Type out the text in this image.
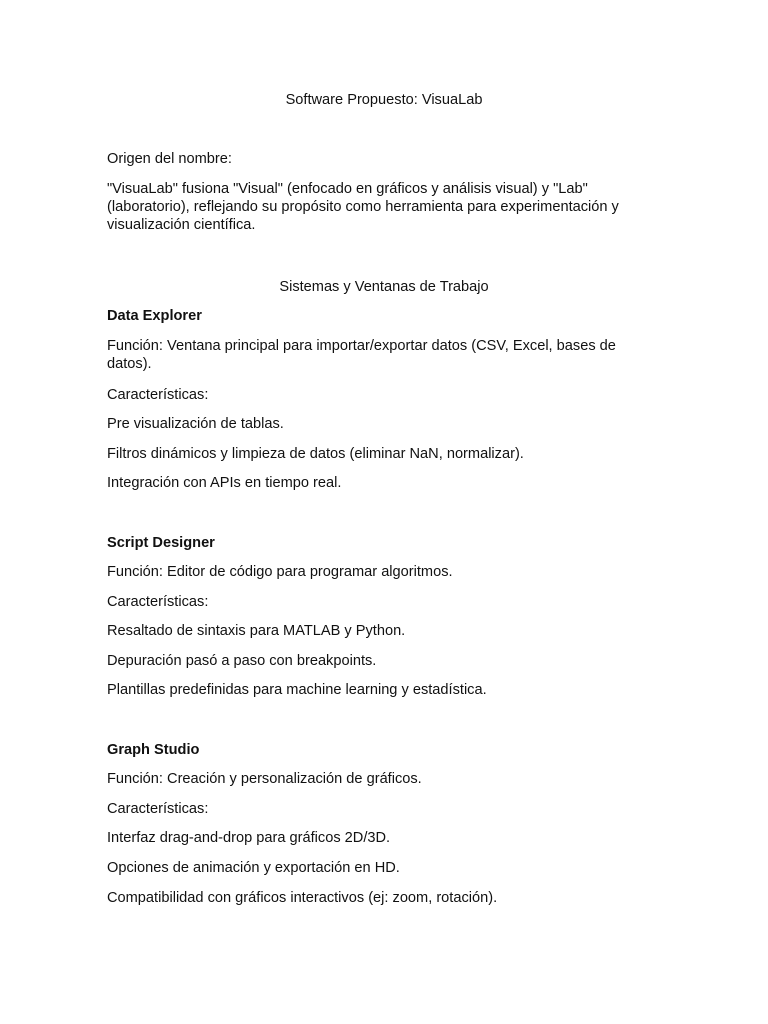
Software Propuesto: VisuaLab

Origen del nombre:

"VisuaLab" fusiona "Visual" (enfocado en gráficos y análisis visual) y "Lab" (laboratorio), reflejando su propósito como herramienta para experimentación y visualización científica.

Sistemas y Ventanas de Trabajo

Data Explorer

Función: Ventana principal para importar/exportar datos (CSV, Excel, bases de datos).

Características:

Pre visualización de tablas.

Filtros dinámicos y limpieza de datos (eliminar NaN, normalizar).

Integración con APIs en tiempo real.

Script Designer

Función: Editor de código para programar algoritmos.

Características:

Resaltado de sintaxis para MATLAB y Python.

Depuración pasó a paso con breakpoints.

Plantillas predefinidas para machine learning y estadística.

Graph Studio

Función: Creación y personalización de gráficos.

Características:

Interfaz drag-and-drop para gráficos 2D/3D.

Opciones de animación y exportación en HD.

Compatibilidad con gráficos interactivos (ej: zoom, rotación).
